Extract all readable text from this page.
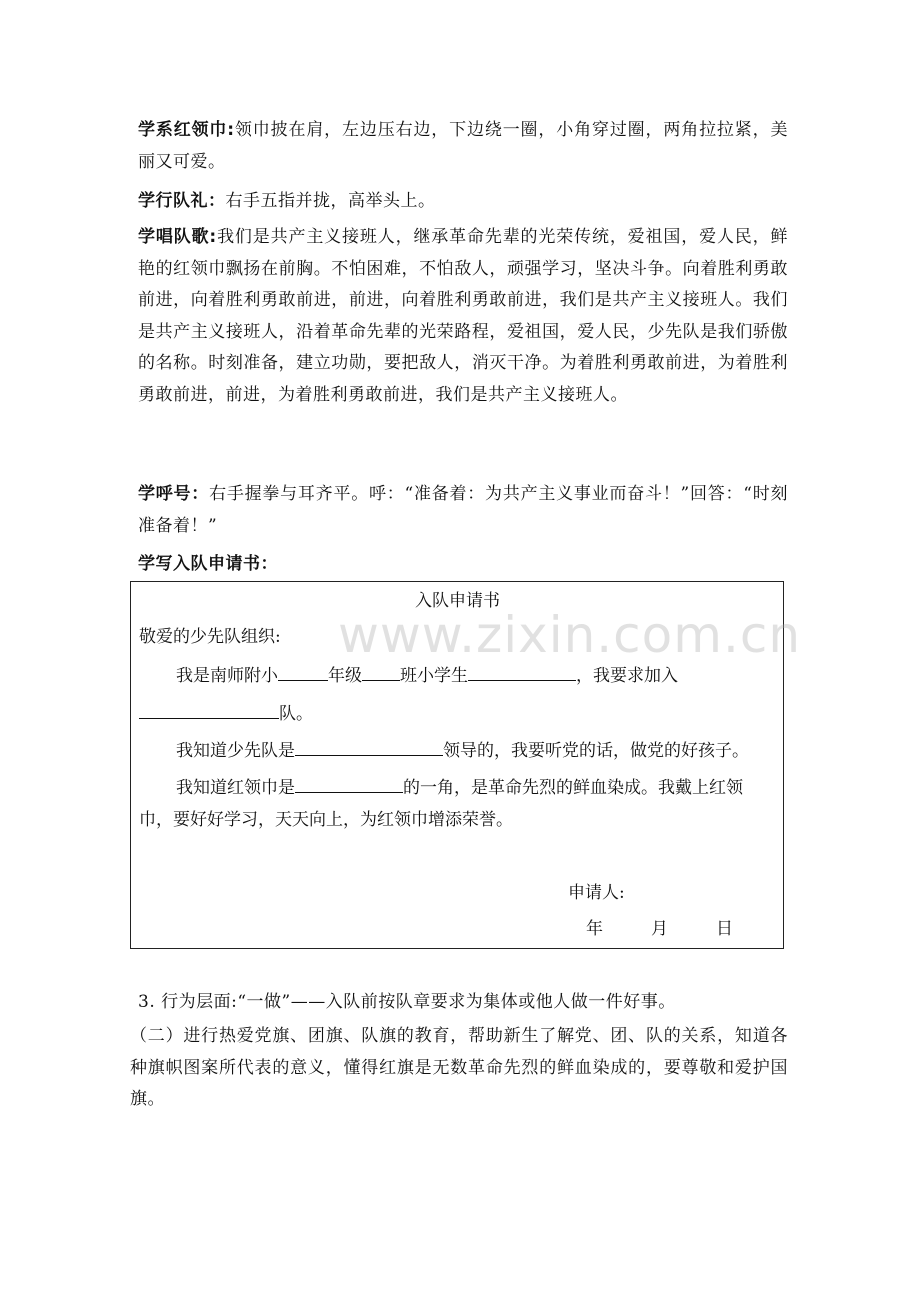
学系红领巾:领巾披在肩，左边压右边，下边绕一圈，小角穿过圈，两角拉拉紧，美丽又可爱。

学行队礼：右手五指并拢，高举头上。

学唱队歌:我们是共产主义接班人，继承革命先辈的光荣传统，爱祖国，爱人民，鲜艳的红领巾飘扬在前胸。不怕困难，不怕敌人，顽强学习，坚决斗争。向着胜利勇敢前进，向着胜利勇敢前进，前进，向着胜利勇敢前进，我们是共产主义接班人。我们是共产主义接班人，沿着革命先辈的光荣路程，爱祖国，爱人民，少先队是我们骄傲的名称。时刻准备，建立功勋，要把敌人，消灭干净。为着胜利勇敢前进，为着胜利勇敢前进，前进，为着胜利勇敢前进，我们是共产主义接班人。

学呼号：右手握拳与耳齐平。呼：“准备着：为共产主义事业而奋斗！”回答：“时刻准备着！”

学写入队申请书：

入队申请书

敬爱的少先队组织:

我是南师附小	年级 班小学生	，我要求加入

队。

我知道少先队是	领导的，我要听党的话，做党的好孩子。

我知道红领巾是	的一角，是革命先烈的鲜血染成。我戴上红领

巾，要好好学习，天天向上，为红领巾增添荣誉。

申请人:

年	月	日

www.zixin.com.cn

3. 行为层面:“一做”——入队前按队章要求为集体或他人做一件好事。

（二）进行热爱党旗、团旗、队旗的教育，帮助新生了解党、团、队的关系，知道各种旗帜图案所代表的意义，懂得红旗是无数革命先烈的鲜血染成的，要尊敬和爱护国旗。
